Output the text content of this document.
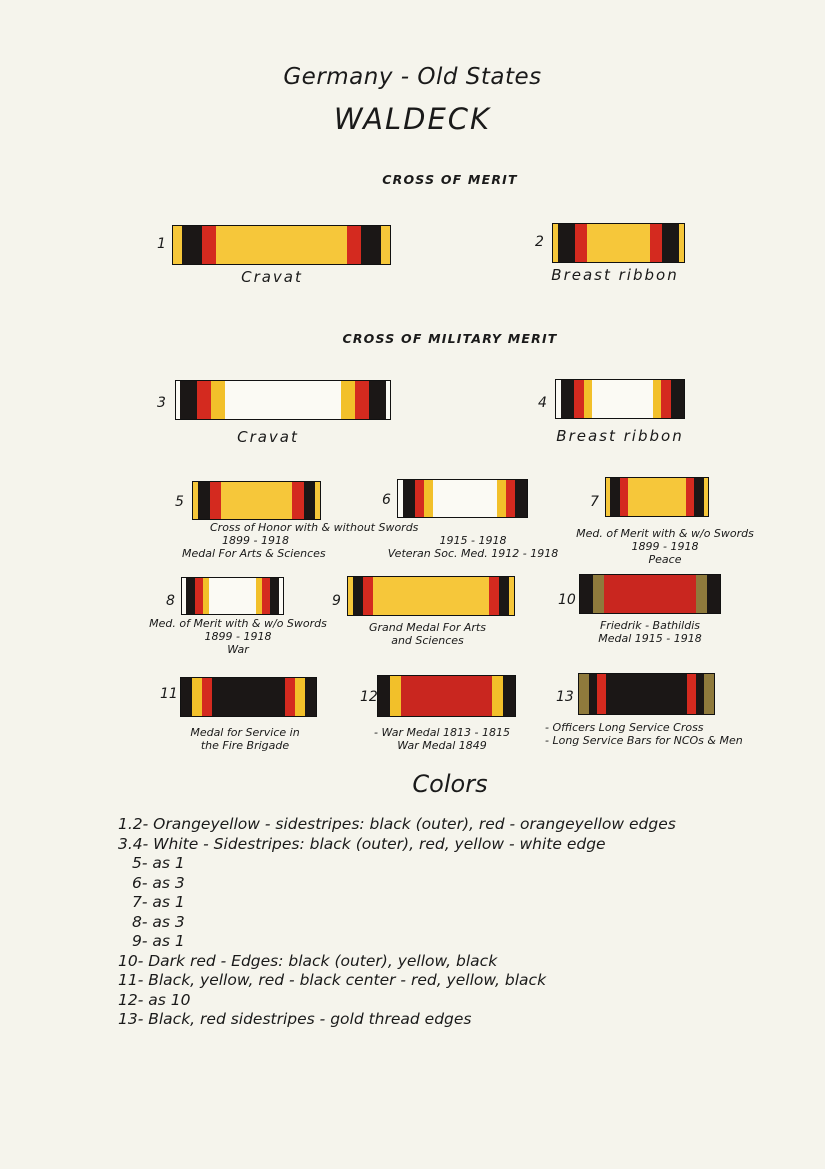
Germany - Old States
WALDECK
CROSS OF MERIT
1
Cravat
2
Breast ribbon
CROSS OF MILITARY MERIT
3
Cravat
4
Breast ribbon
5
Cross of Honor with & without Swords
1899 - 1918
Medal For Arts & Sciences
6
1915 - 1918
Veteran Soc. Med. 1912 - 1918
7
Med. of Merit with & w/o Swords
1899 - 1918
Peace
8
Med. of Merit with & w/o Swords
1899 - 1918
War
9
Grand Medal For Arts
and Sciences
10
Friedrik - Bathildis
Medal 1915 - 1918
11
Medal for Service in
the Fire Brigade
12
- War Medal 1813 - 1815
War Medal 1849
13
- Officers Long Service Cross
- Long Service Bars for NCOs & Men
Colors
1.2- Orangeyellow - sidestripes: black (outer), red - orangeyellow edges
3.4- White - Sidestripes: black (outer), red, yellow - white edge
5- as 1
6- as 3
7- as 1
8- as 3
9- as 1
10- Dark red - Edges: black (outer), yellow, black
11- Black, yellow, red - black center - red, yellow, black
12- as 10
13- Black, red sidestripes - gold thread edges
